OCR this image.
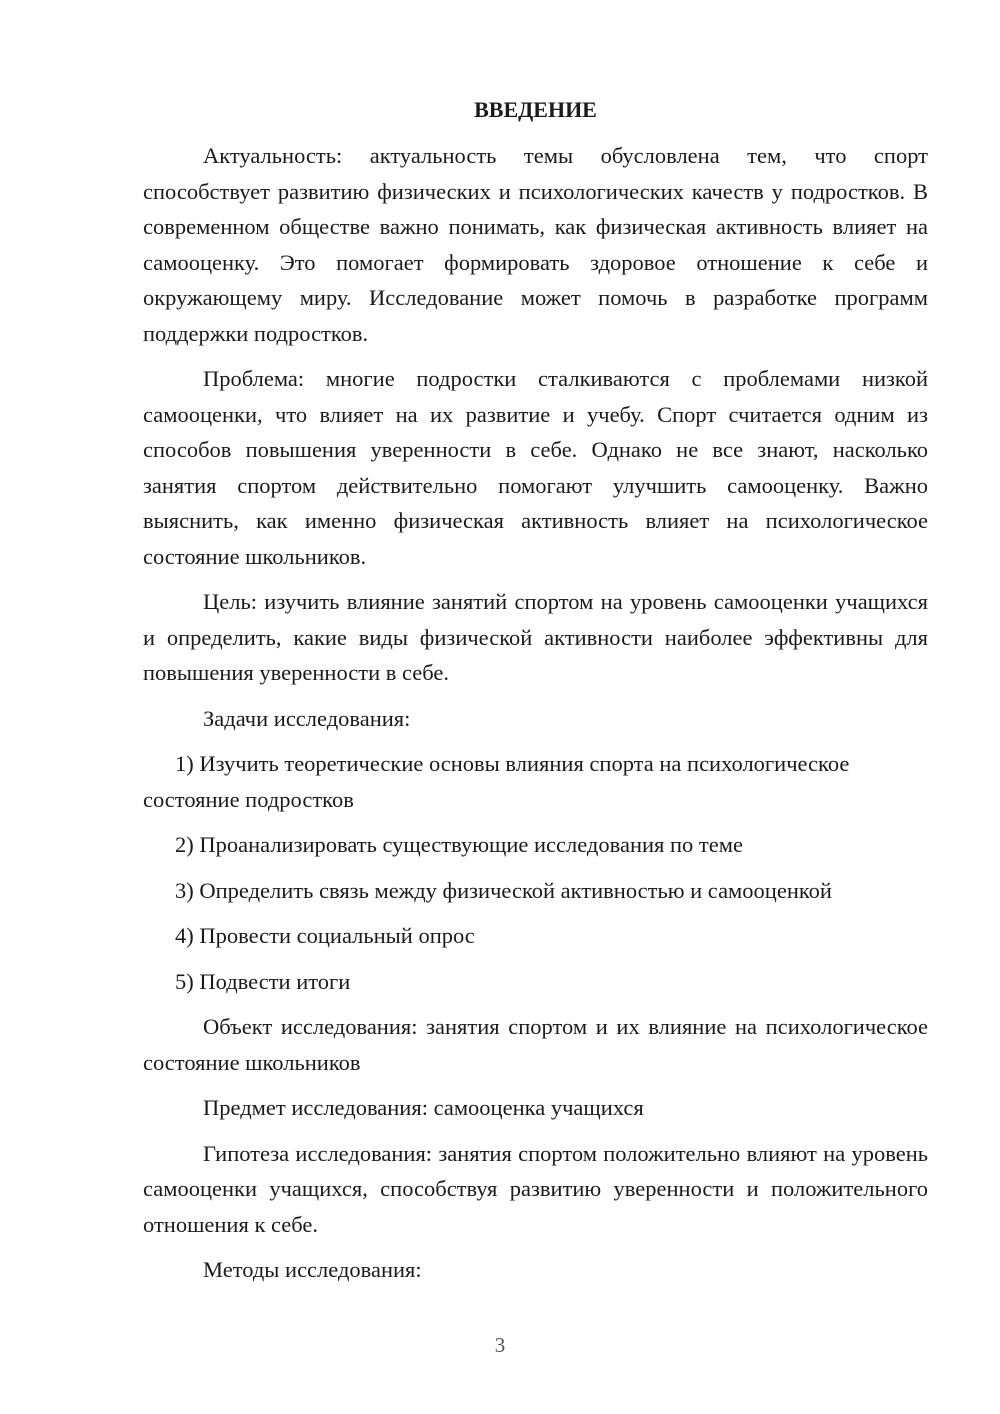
ВВЕДЕНИЕ

Актуальность: актуальность темы обусловлена тем, что спорт способствует развитию физических и психологических качеств у подростков. В современном обществе важно понимать, как физическая активность влияет на самооценку. Это помогает формировать здоровое отношение к себе и окружающему миру. Исследование может помочь в разработке программ поддержки подростков.

Проблема: многие подростки сталкиваются с проблемами низкой самооценки, что влияет на их развитие и учебу. Спорт считается одним из способов повышения уверенности в себе. Однако не все знают, насколько занятия спортом действительно помогают улучшить самооценку. Важно выяснить, как именно физическая активность влияет на психологическое состояние школьников.

Цель: изучить влияние занятий спортом на уровень самооценки учащихся и определить, какие виды физической активности наиболее эффективны для повышения уверенности в себе.

Задачи исследования:

1) Изучить теоретические основы влияния спорта на психологическое состояние подростков

2) Проанализировать существующие исследования по теме

3) Определить связь между физической активностью и самооценкой

4) Провести социальный опрос

5) Подвести итоги

Объект исследования: занятия спортом и их влияние на психологическое состояние школьников

Предмет исследования: самооценка учащихся

Гипотеза исследования: занятия спортом положительно влияют на уровень самооценки учащихся, способствуя развитию уверенности и положительного отношения к себе.

Методы исследования:

3
